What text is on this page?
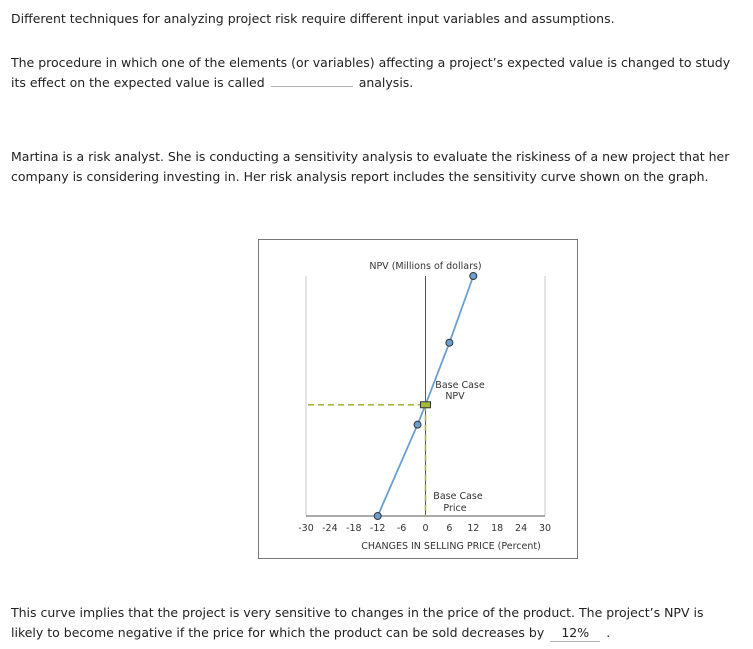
Different techniques for analyzing project risk require different input variables and assumptions.

The procedure in which one of the elements (or variables) affecting a project’s expected value is changed to study its effect on the expected value is called	analysis.

Martina is a risk analyst. She is conducting a sensitivity analysis to evaluate the riskiness of a new project that her company is considering investing in. Her risk analysis report includes the sensitivity curve shown on the graph.

NPV (Millions of dollars)
-30 -24 -18 -12 -6 0 6 12 18 24 30
CHANGES IN SELLING PRICE (Percent)
Base Case
NPV
Base Case
Price

This curve implies that the project is very sensitive to changes in the price of the product. The project’s NPV is likely to become negative if the price for which the product can be sold decreases by 12% .
